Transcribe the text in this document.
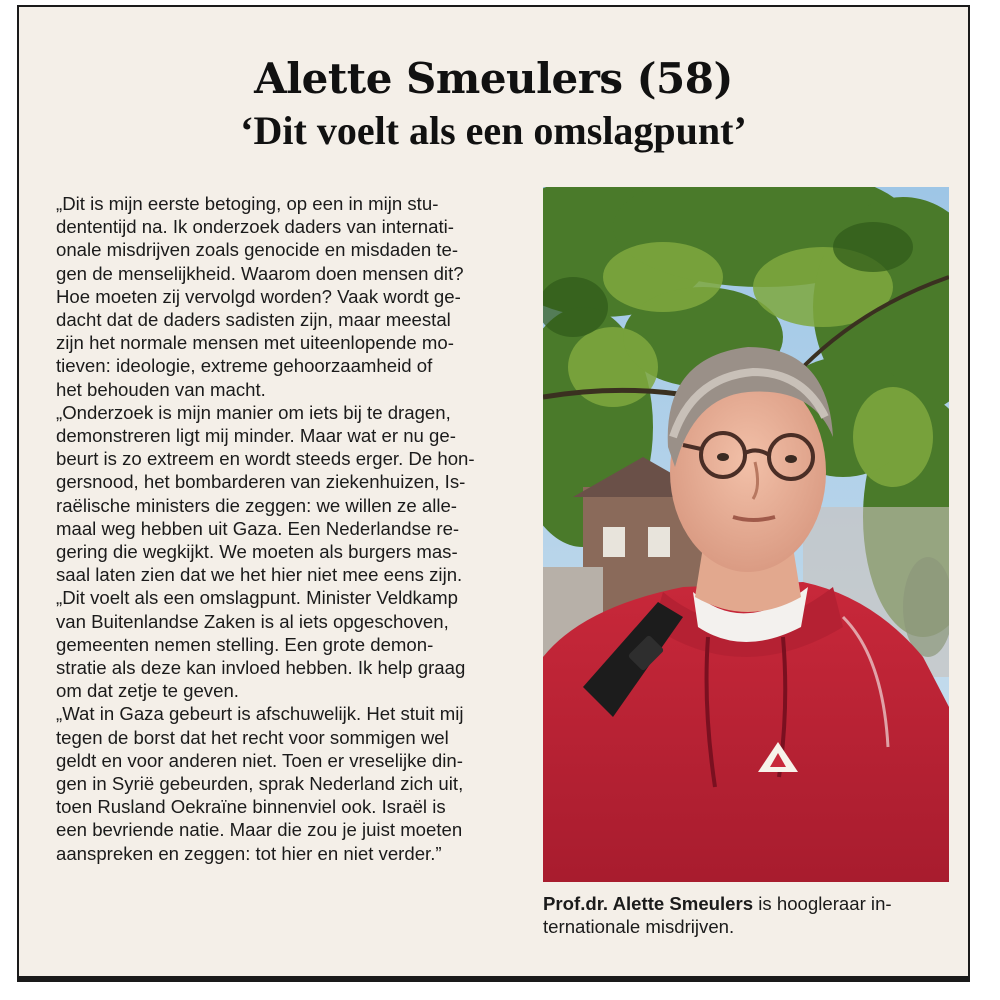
Alette Smeulers (58)
‘Dit voelt als een omslagpunt’
„Dit is mijn eerste betoging, op een in mijn stu-
dententijd na. Ik onderzoek daders van internati-
onale misdrijven zoals genocide en misdaden te-
gen de menselijkheid. Waarom doen mensen dit?
Hoe moeten zij vervolgd worden? Vaak wordt ge-
dacht dat de daders sadisten zijn, maar meestal
zijn het normale mensen met uiteenlopende mo-
tieven: ideologie, extreme gehoorzaamheid of
het behouden van macht.
„Onderzoek is mijn manier om iets bij te dragen,
demonstreren ligt mij minder. Maar wat er nu ge-
beurt is zo extreem en wordt steeds erger. De hon-
gersnood, het bombarderen van ziekenhuizen, Is-
raëlische ministers die zeggen: we willen ze alle-
maal weg hebben uit Gaza. Een Nederlandse re-
gering die wegkijkt. We moeten als burgers mas-
saal laten zien dat we het hier niet mee eens zijn.
„Dit voelt als een omslagpunt. Minister Veldkamp
van Buitenlandse Zaken is al iets opgeschoven,
gemeenten nemen stelling. Een grote demon-
stratie als deze kan invloed hebben. Ik help graag
om dat zetje te geven.
„Wat in Gaza gebeurt is afschuwelijk. Het stuit mij
tegen de borst dat het recht voor sommigen wel
geldt en voor anderen niet. Toen er vreselijke din-
gen in Syrië gebeurden, sprak Nederland zich uit,
toen Rusland Oekraïne binnenviel ook. Israël is
een bevriende natie. Maar die zou je juist moeten
aanspreken en zeggen: tot hier en niet verder.”
Prof.dr. Alette Smeulers is hoogleraar in-
ternationale misdrijven.
